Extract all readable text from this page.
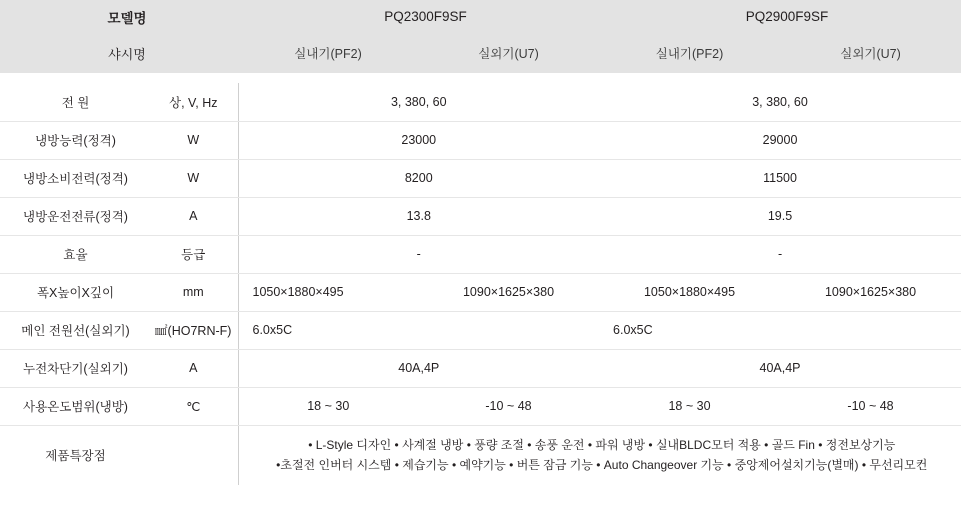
모델명		PQ2300F9SF		PQ2900F9SF	
샤시명		실내기(PF2)	실외기(U7)	실내기(PF2)	실외기(U7)

전 원	상, V, Hz	3, 380, 60		3, 380, 60	
냉방능력(정격)	W	23000		29000	
냉방소비전력(정격)	W	8200		11500	
냉방운전전류(정격)	A	13.8		19.5	
효율	등급	-		-	
폭X높이X깊이	mm	1050×1880×495	1090×1625×380	1050×1880×495	1090×1625×380
메인 전원선(실외기)	㎟(HO7RN-F)	6.0x5C		6.0x5C	
누전차단기(실외기)	A	40A,4P		40A,4P	
사용온도범위(냉방)	℃	18 ~ 30	-10 ~ 48	18 ~ 30	-10 ~ 48
제품특장점		• L-Style 디자인 • 사계절 냉방 • 풍량 조절 • 송풍 운전 • 파워 냉방 • 실내BLDC모터 적용 • 골드 Fin • 정전보상기능
•초절전 인버터 시스템 • 제습기능 • 예약기능 • 버튼 잠금 기능 • Auto Changeover 기능 • 중앙제어설치기능(별매) • 무선리모컨			
